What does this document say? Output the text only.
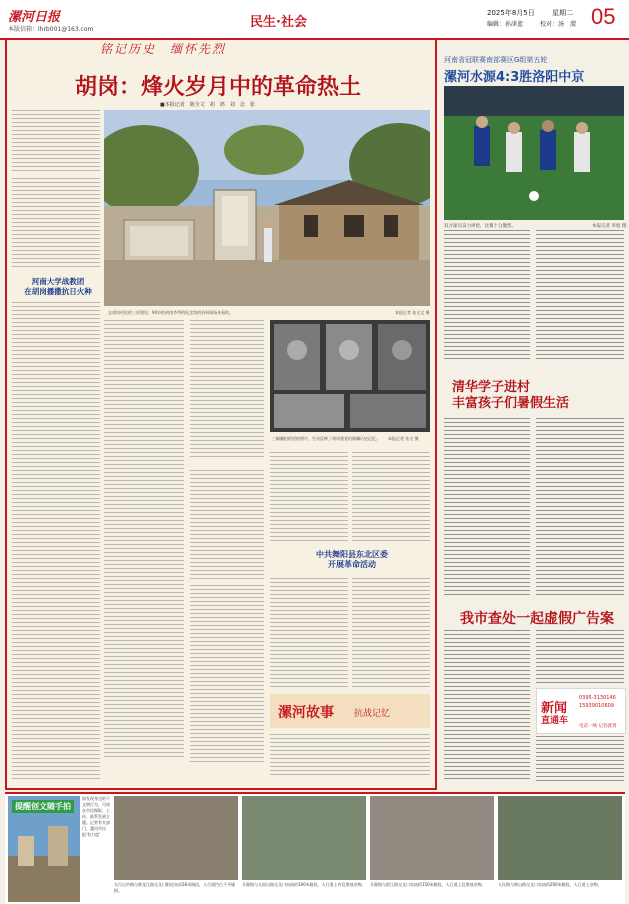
漯河日报
本版信箱：lhrb001@163.com	民生·社会
2025年8月5日 星期二
编辑：孙津蓝	校对：汤　澴 05
铭记历史　缅怀先烈
胡岗：烽火岁月中的革命热土
■本报记者　陈全文　胡　鸿　刘　念　张
河南大学战教团
在胡岗播撒抗日火种
去胡岗村民的三项建设，94岁的胡岗爷爷的纪念馆的资料现场来看的。	本报记者 张全文 摄
三幅翻拍的里的照片，生动反映了胡岗建党的斑斓历史记忆。	本报记者 张全 摄
中共舞阳县东北区委
开展革命活动
漯河故事 抗战记忆
河南省冠联赛南部赛区G组第五轮
漯河水源4:3胜洛阳中京
双方球员奋力拼抢，比赛十分激烈。	本报记者 李旭 摄
清华学子进村
丰富孩子们暑假生活
我市查处一起虚假广告案
新闻
直通车
0395-3130146
15939010609
电话一响 记者就到
提醒创文随手拍
如发现身边的不文明行为，可请在市民摄影，上传，联系发到主题。记者有关部门，漯河市民报'有力度'
太行山中路与黄龙江路交叉口附近向东58米路段，人行道凹凸不平破损。
开源路与太原山路交叉口向南约100米路段，人行道上有乱堆放杂物。 开源路与滨江路交叉口东南约150米路段，人行道上乱堆放杂物。	人民路与黄山路交叉口东南约200米路段，人行道上杂物。
